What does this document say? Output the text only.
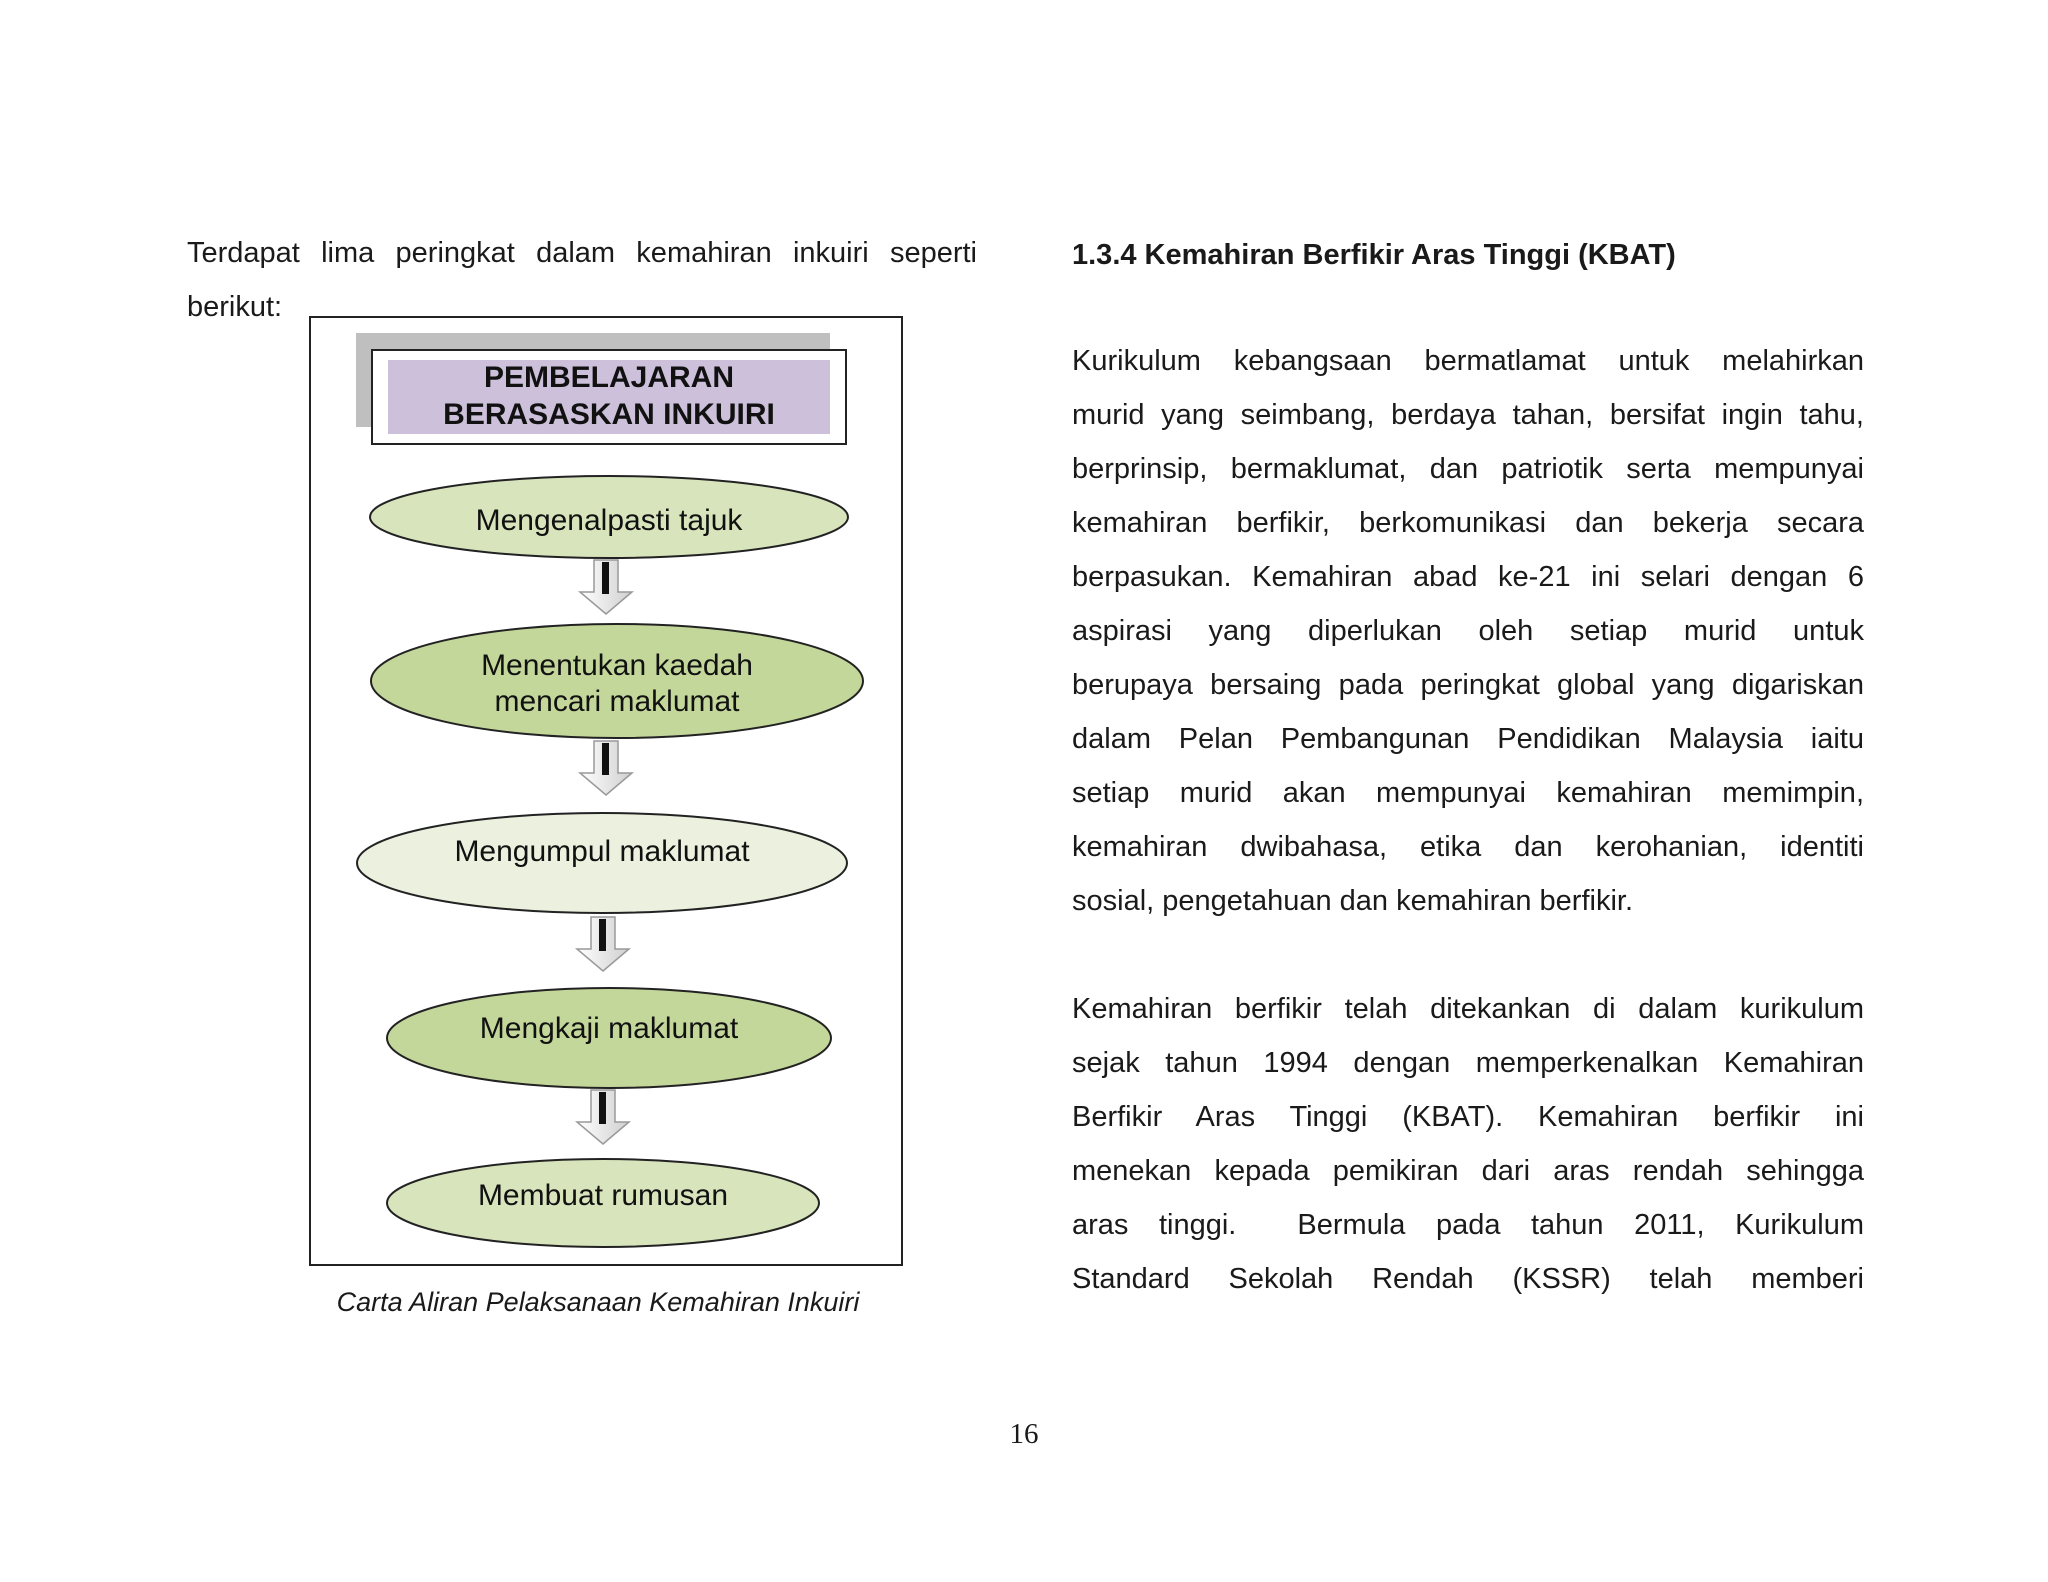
Terdapat lima peringkat dalam kemahiran inkuiri seperti
berikut:
PEMBELAJARAN
BERASASKAN INKUIRI
Mengenalpasti tajuk
Menentukan kaedah
mencari maklumat
Mengumpul maklumat
Mengkaji maklumat
Membuat rumusan
Carta Aliran Pelaksanaan Kemahiran Inkuiri
1.3.4 Kemahiran Berfikir Aras Tinggi (KBAT)
Kurikulum kebangsaan bermatlamat untuk melahirkan
murid yang seimbang, berdaya tahan, bersifat ingin tahu,
berprinsip, bermaklumat, dan patriotik serta mempunyai
kemahiran berfikir, berkomunikasi dan bekerja secara
berpasukan. Kemahiran abad ke-21 ini selari dengan 6
aspirasi yang diperlukan oleh setiap murid untuk
berupaya bersaing pada peringkat global yang digariskan
dalam Pelan Pembangunan Pendidikan Malaysia iaitu
setiap murid akan mempunyai kemahiran memimpin,
kemahiran dwibahasa, etika dan kerohanian, identiti
sosial, pengetahuan dan kemahiran berfikir.
Kemahiran berfikir telah ditekankan di dalam kurikulum
sejak tahun 1994 dengan memperkenalkan Kemahiran
Berfikir Aras Tinggi (KBAT). Kemahiran berfikir ini
menekan kepada pemikiran dari aras rendah sehingga
aras tinggi.  Bermula pada tahun 2011, Kurikulum
Standard Sekolah Rendah (KSSR) telah memberi
16
